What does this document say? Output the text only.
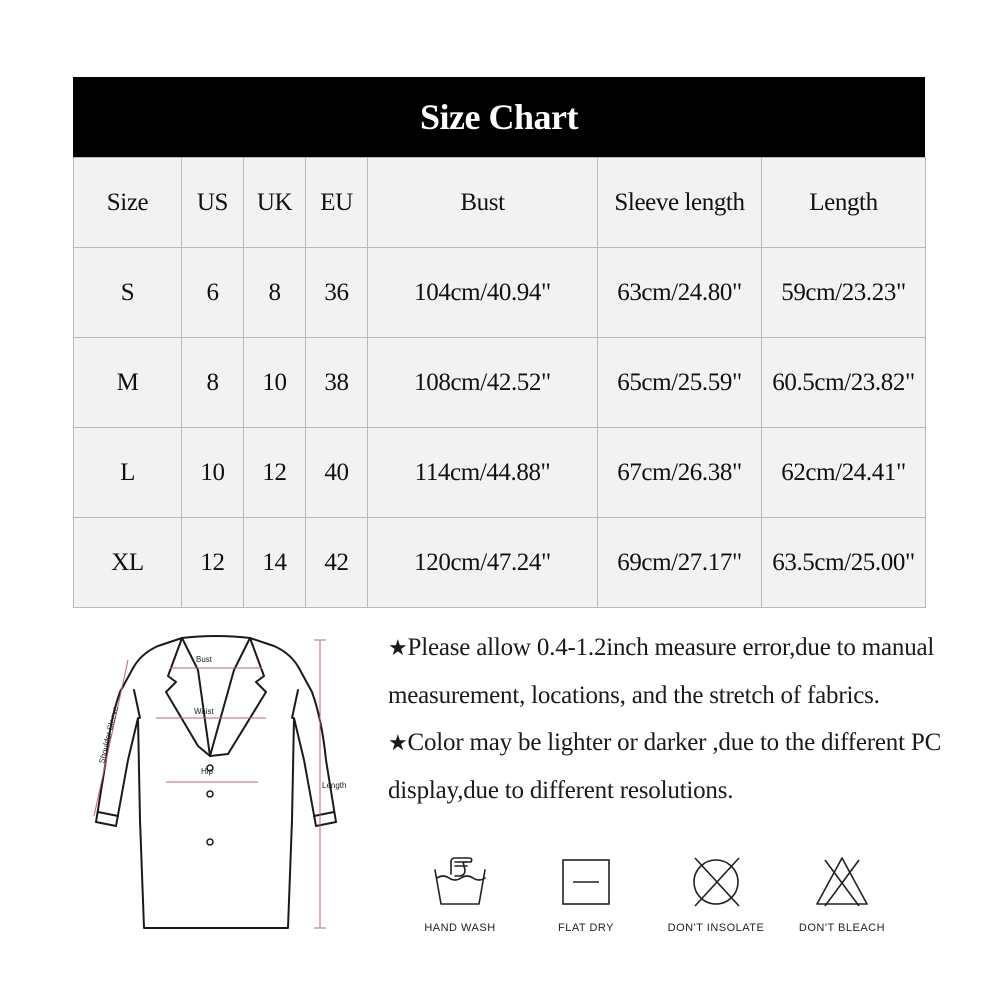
Size Chart
Size	US	UK	EU	Bust	Sleeve length	Length
S	6	8	36	104cm/40.94"	63cm/24.80"	59cm/23.23"
M	8	10	38	108cm/42.52"	65cm/25.59"	60.5cm/23.82"
L	10	12	40	114cm/44.88"	67cm/26.38"	62cm/24.41"
XL	12	14	42	120cm/47.24"	69cm/27.17"	63.5cm/25.00"
Bust
Waist
Hip
Shoulder Sleeve
Length

★Please allow 0.4-1.2inch measure error,due to manual measurement, locations, and the stretch of fabrics.

★Color may be lighter or darker ,due to the different PC display,due to different resolutions.

HAND WASH	FLAT DRY	DON'T INSOLATE	DON'T BLEACH
